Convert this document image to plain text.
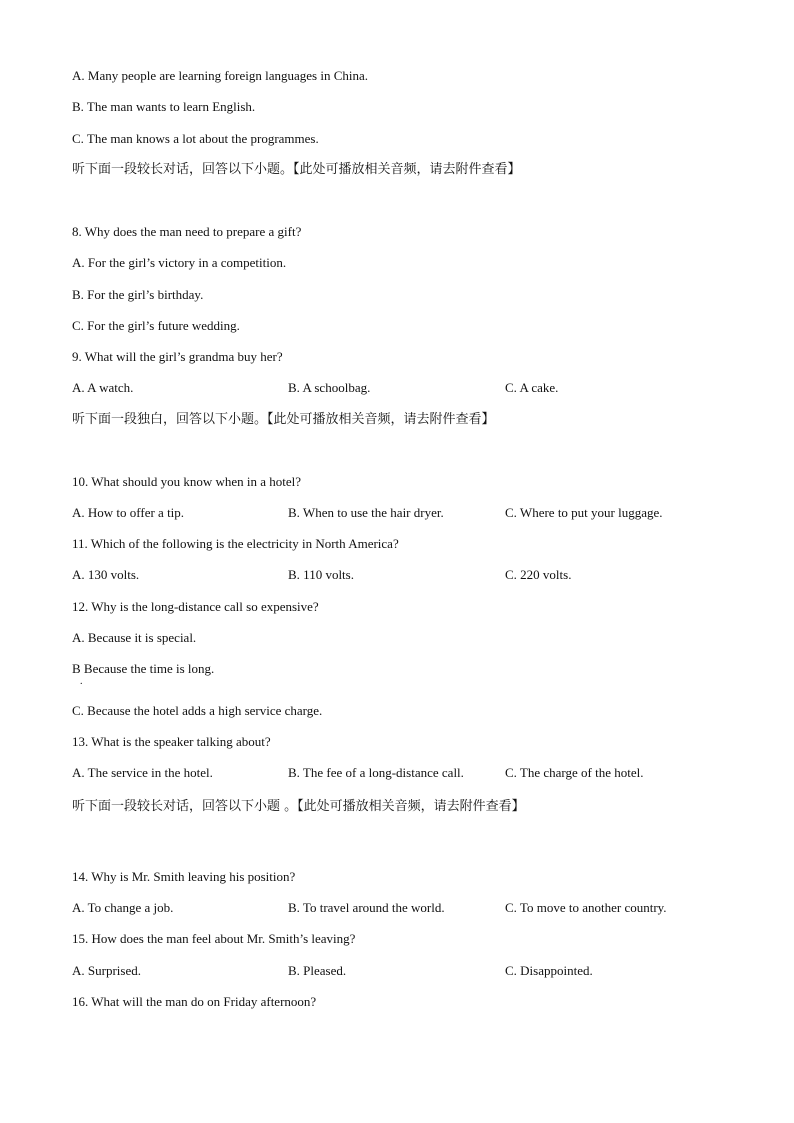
A. Many people are learning foreign languages in China.
B. The man wants to learn English.
C. The man knows a lot about the programmes.
听下面一段较长对话，回答以下小题。【此处可播放相关音频，请去附件查看】
8. Why does the man need to prepare a gift?
A. For the girl’s victory in a competition.
B. For the girl’s birthday.
C. For the girl’s future wedding.
9. What will the girl’s grandma buy her?
A. A watch.	B. A schoolbag.	C. A cake.
听下面一段独白，回答以下小题。【此处可播放相关音频，请去附件查看】
10. What should you know when in a hotel?
A. How to offer a tip.	B. When to use the hair dryer.	C. Where to put your luggage.
11. Which of the following is the electricity in North America?
A. 130 volts.	B. 110 volts.	C. 220 volts.
12. Why is the long-distance call so expensive?
A. Because it is special.
B Because the time is long.
.
C. Because the hotel adds a high service charge.
13. What is the speaker talking about?
A. The service in the hotel.	B. The fee of a long-distance call.	C. The charge of the hotel.
听下面一段较长对话，回答以下小题 。【此处可播放相关音频，请去附件查看】
14. Why is Mr. Smith leaving his position?
A. To change a job.	B. To travel around the world.	C. To move to another country.
15. How does the man feel about Mr. Smith’s leaving?
A. Surprised.	B. Pleased.	C. Disappointed.
16. What will the man do on Friday afternoon?
